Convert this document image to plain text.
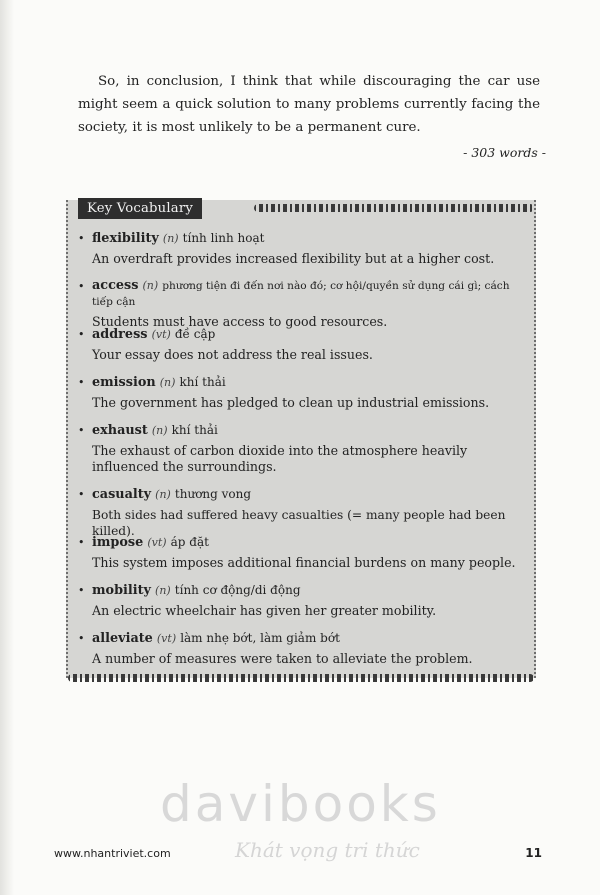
So, in conclusion, I think that while discouraging the car use might seem a quick solution to many problems currently facing the society, it is most unlikely to be a permanent cure.

- 303 words -
Key Vocabulary
• flexibility (n) tính linh hoạt
An overdraft provides increased flexibility but at a higher cost.
• access (n) phương tiện đi đến nơi nào đó; cơ hội/quyền sử dụng cái gì; cách tiếp cận
Students must have access to good resources.
• address (vt) đề cập
Your essay does not address the real issues.
• emission (n) khí thải
The government has pledged to clean up industrial emissions.
• exhaust (n) khí thải
The exhaust of carbon dioxide into the atmosphere heavily influenced the surroundings.
• casualty (n) thương vong
Both sides had suffered heavy casualties (= many people had been killed).
• impose (vt) áp đặt
This system imposes additional financial burdens on many people.
• mobility (n) tính cơ động/di động
An electric wheelchair has given her greater mobility.
• alleviate (vt) làm nhẹ bớt, làm giảm bớt
A number of measures were taken to alleviate the problem.
davibooks
Khát vọng tri thức
www.nhantriviet.com	11
